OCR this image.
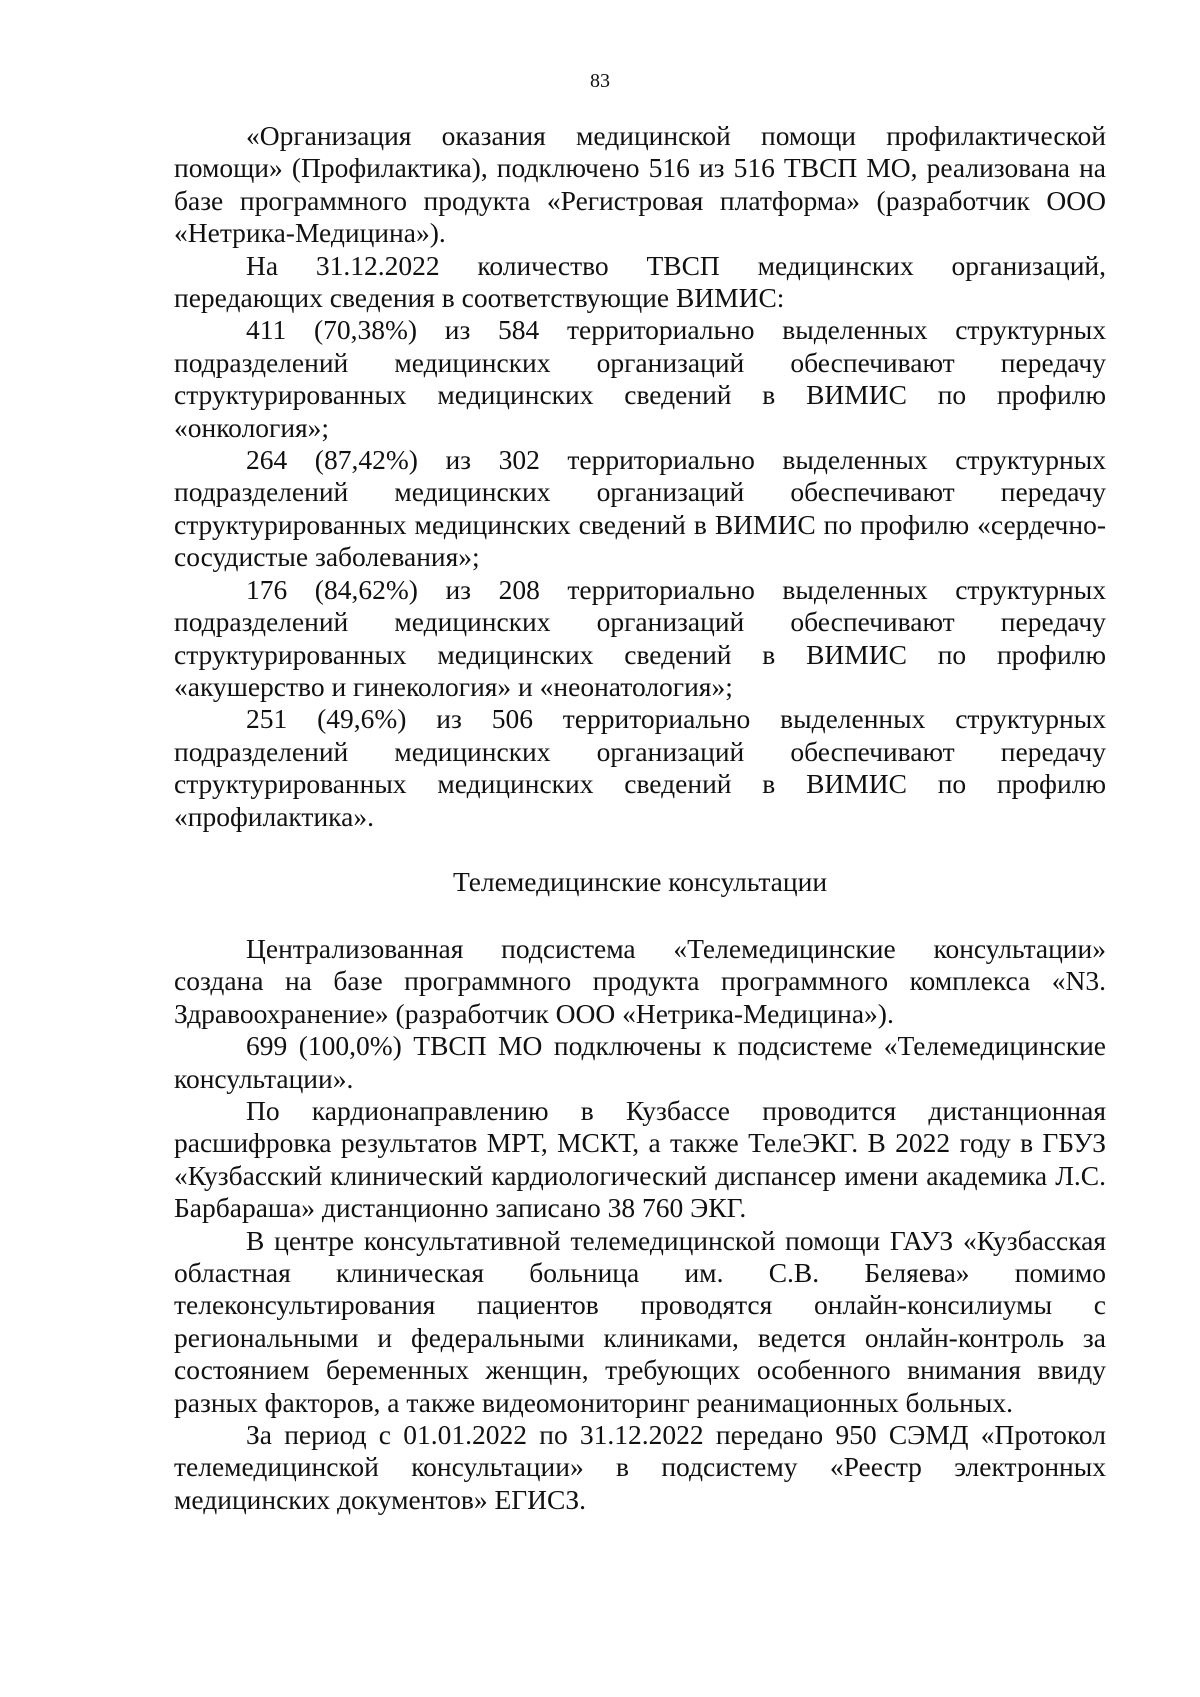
83

«Организация оказания медицинской помощи профилактической помощи» (Профилактика), подключено 516 из 516 ТВСП МО, реализована на базе программного продукта «Регистровая платформа» (разработчик ООО «Нетрика-Медицина»).

На 31.12.2022 количество ТВСП медицинских организаций, передающих сведения в соответствующие ВИМИС:

411 (70,38%) из 584 территориально выделенных структурных подразделений медицинских организаций обеспечивают передачу структурированных медицинских сведений в ВИМИС по профилю «онкология»;

264 (87,42%) из 302 территориально выделенных структурных подразделений медицинских организаций обеспечивают передачу структурированных медицинских сведений в ВИМИС по профилю «сердечно-сосудистые заболевания»;

176 (84,62%) из 208 территориально выделенных структурных подразделений медицинских организаций обеспечивают передачу структурированных медицинских сведений в ВИМИС по профилю «акушерство и гинекология» и «неонатология»;

251 (49,6%) из 506 территориально выделенных структурных подразделений медицинских организаций обеспечивают передачу структурированных медицинских сведений в ВИМИС по профилю «профилактика».

Телемедицинские консультации

Централизованная подсистема «Телемедицинские консультации» создана на базе программного продукта программного комплекса «N3. Здравоохранение» (разработчик ООО «Нетрика-Медицина»).

699 (100,0%) ТВСП МО подключены к подсистеме «Телемедицинские консультации».

По кардионаправлению в Кузбассе проводится дистанционная расшифровка результатов МРТ, МСКТ, а также ТелеЭКГ. В 2022 году в ГБУЗ «Кузбасский клинический кардиологический диспансер имени академика Л.С. Барбараша» дистанционно записано 38 760 ЭКГ.

В центре консультативной телемедицинской помощи ГАУЗ «Кузбасская областная клиническая больница им. С.В. Беляева» помимо телеконсультирования пациентов проводятся онлайн-консилиумы с региональными и федеральными клиниками, ведется онлайн-контроль за состоянием беременных женщин, требующих особенного внимания ввиду разных факторов, а также видеомониторинг реанимационных больных.

За период с 01.01.2022 по 31.12.2022 передано 950 СЭМД «Протокол телемедицинской консультации» в подсистему «Реестр электронных медицинских документов» ЕГИСЗ.
